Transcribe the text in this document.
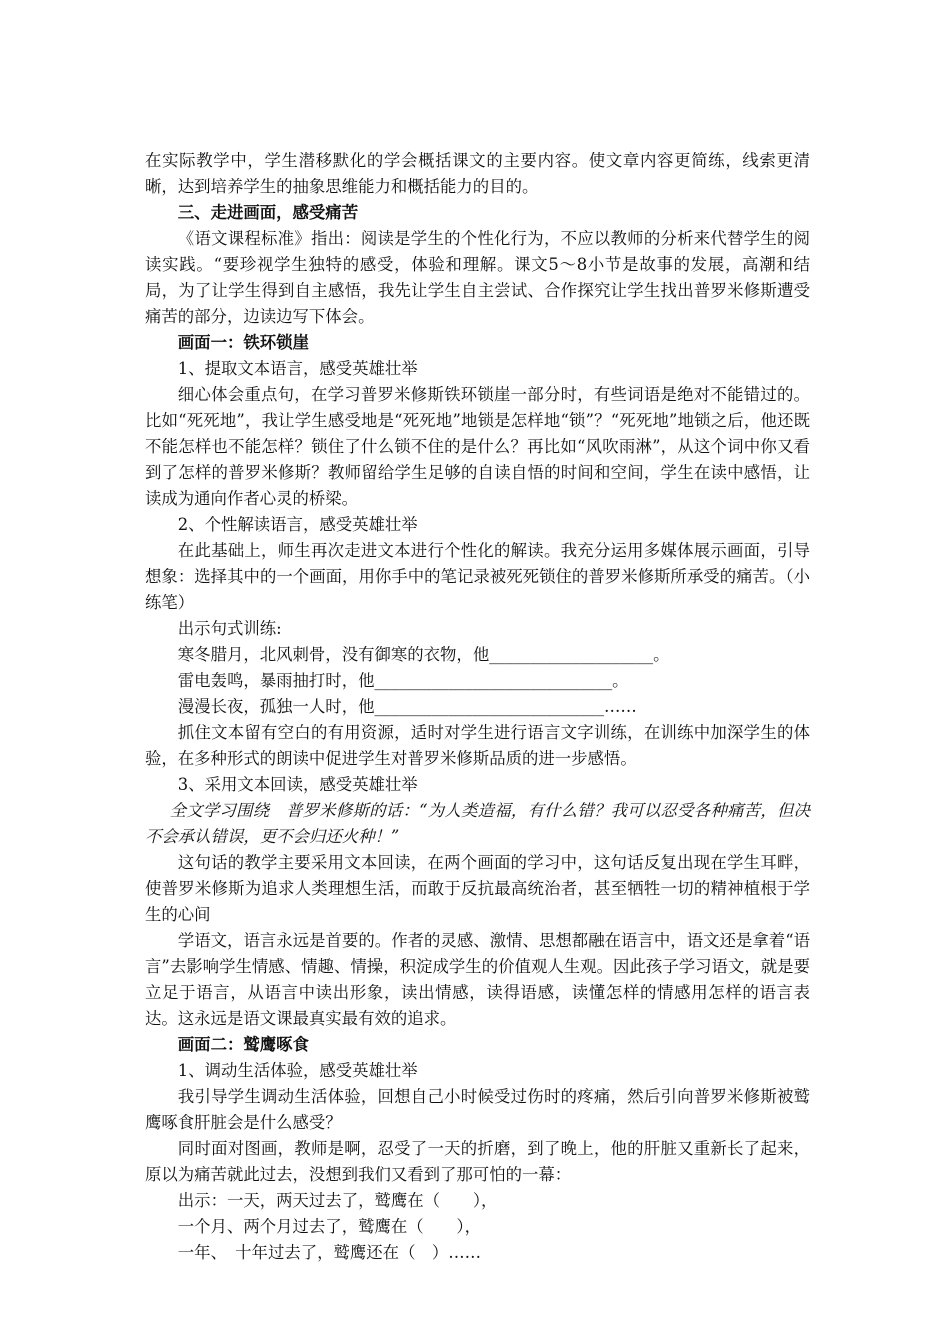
在实际教学中，学生潜移默化的学会概括课文的主要内容。使文章内容更简练，线索更清晰，达到培养学生的抽象思维能力和概括能力的目的。

三、走进画面，感受痛苦

《语文课程标准》指出：阅读是学生的个性化行为，不应以教师的分析来代替学生的阅读实践。“要珍视学生独特的感受，体验和理解。课文5～8小节是故事的发展，高潮和结局，为了让学生得到自主感悟，我先让学生自主尝试、合作探究让学生找出普罗米修斯遭受痛苦的部分，边读边写下体会。

画面一：铁环锁崖

1、提取文本语言，感受英雄壮举

细心体会重点句，在学习普罗米修斯铁环锁崖一部分时，有些词语是绝对不能错过的。比如“死死地”，我让学生感受地是“死死地”地锁是怎样地“锁”？“死死地”地锁之后，他还既不能怎样也不能怎样？锁住了什么锁不住的是什么？再比如“风吹雨淋”，从这个词中你又看到了怎样的普罗米修斯？教师留给学生足够的自读自悟的时间和空间，学生在读中感悟，让读成为通向作者心灵的桥梁。

2、个性解读语言，感受英雄壮举

在此基础上，师生再次走进文本进行个性化的解读。我充分运用多媒体展示画面，引导想象：选择其中的一个画面，用你手中的笔记录被死死锁住的普罗米修斯所承受的痛苦。（小练笔）

出示句式训练:

寒冬腊月，北风刺骨，没有御寒的衣物，他____________________。

雷电轰鸣，暴雨抽打时，他_____________________________。

漫漫长夜，孤独一人时，他____________________________……

抓住文本留有空白的有用资源，适时对学生进行语言文字训练，在训练中加深学生的体验，在多种形式的朗读中促进学生对普罗米修斯品质的进一步感悟。

3、采用文本回读，感受英雄壮举

全文学习围绕　普罗米修斯的话：“为人类造福，有什么错？我可以忍受各种痛苦，但决不会承认错误，更不会归还火种！”

这句话的教学主要采用文本回读，在两个画面的学习中，这句话反复出现在学生耳畔，使普罗米修斯为追求人类理想生活，而敢于反抗最高统治者，甚至牺牲一切的精神植根于学生的心间

学语文，语言永远是首要的。作者的灵感、激情、思想都融在语言中，语文还是拿着“语言”去影响学生情感、情趣、情操，积淀成学生的价值观人生观。因此孩子学习语文，就是要立足于语言，从语言中读出形象，读出情感，读得语感，读懂怎样的情感用怎样的语言表达。这永远是语文课最真实最有效的追求。

画面二：鹫鹰啄食

1、调动生活体验，感受英雄壮举

我引导学生调动生活体验，回想自己小时候受过伤时的疼痛，然后引向普罗米修斯被鹫鹰啄食肝脏会是什么感受？

同时面对图画，教师是啊，忍受了一天的折磨，到了晚上，他的肝脏又重新长了起来，原以为痛苦就此过去，没想到我们又看到了那可怕的一幕：

出示：一天，两天过去了，鹫鹰在（　　），

一个月、两个月过去了，鹫鹰在（　　），

一年、　十年过去了，鹫鹰还在（　）……
